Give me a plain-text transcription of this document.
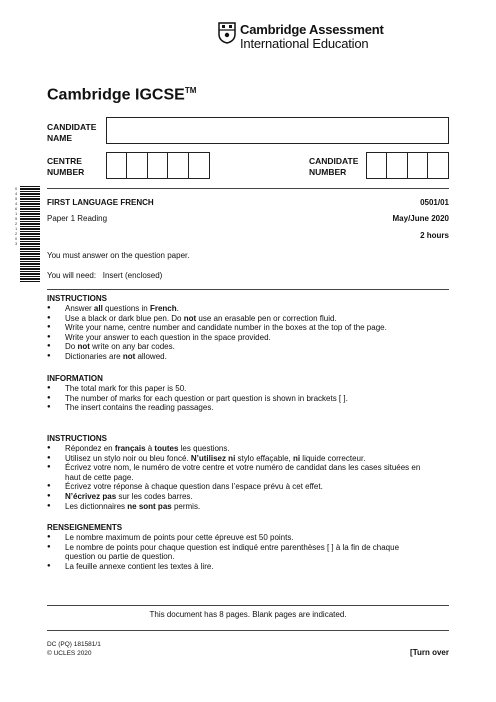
Cambridge Assessment
International Education
Cambridge IGCSE™
CANDIDATE
NAME
CENTRE
NUMBER
CANDIDATE
NUMBER
0 4 5 4 6 1 5 2 1 2 0 3
FIRST LANGUAGE FRENCH	0501/01
Paper 1 Reading	May/June 2020
2 hours
You must answer on the question paper.
You will need: Insert (enclosed)
INSTRUCTIONS
● Answer all questions in French.
● Use a black or dark blue pen. Do not use an erasable pen or correction fluid.
● Write your name, centre number and candidate number in the boxes at the top of the page.
● Write your answer to each question in the space provided.
● Do not write on any bar codes.
● Dictionaries are not allowed.
INFORMATION
● The total mark for this paper is 50.
● The number of marks for each question or part question is shown in brackets [ ].
● The insert contains the reading passages.
INSTRUCTIONS
● Répondez en français à toutes les questions.
● Utilisez un stylo noir ou bleu foncé. N’utilisez ni stylo effaçable, ni liquide correcteur.
● Écrivez votre nom, le numéro de votre centre et votre numéro de candidat dans les cases situées en haut de cette page.
● Écrivez votre réponse à chaque question dans l’espace prévu à cet effet.
● N’écrivez pas sur les codes barres.
● Les dictionnaires ne sont pas permis.
RENSEIGNEMENTS
● Le nombre maximum de points pour cette épreuve est 50 points.
● Le nombre de points pour chaque question est indiqué entre parenthèses [ ] à la fin de chaque question ou partie de question.
● La feuille annexe contient les textes à lire.
This document has 8 pages. Blank pages are indicated.
DC (PQ) 181581/1
© UCLES 2020	[Turn over
